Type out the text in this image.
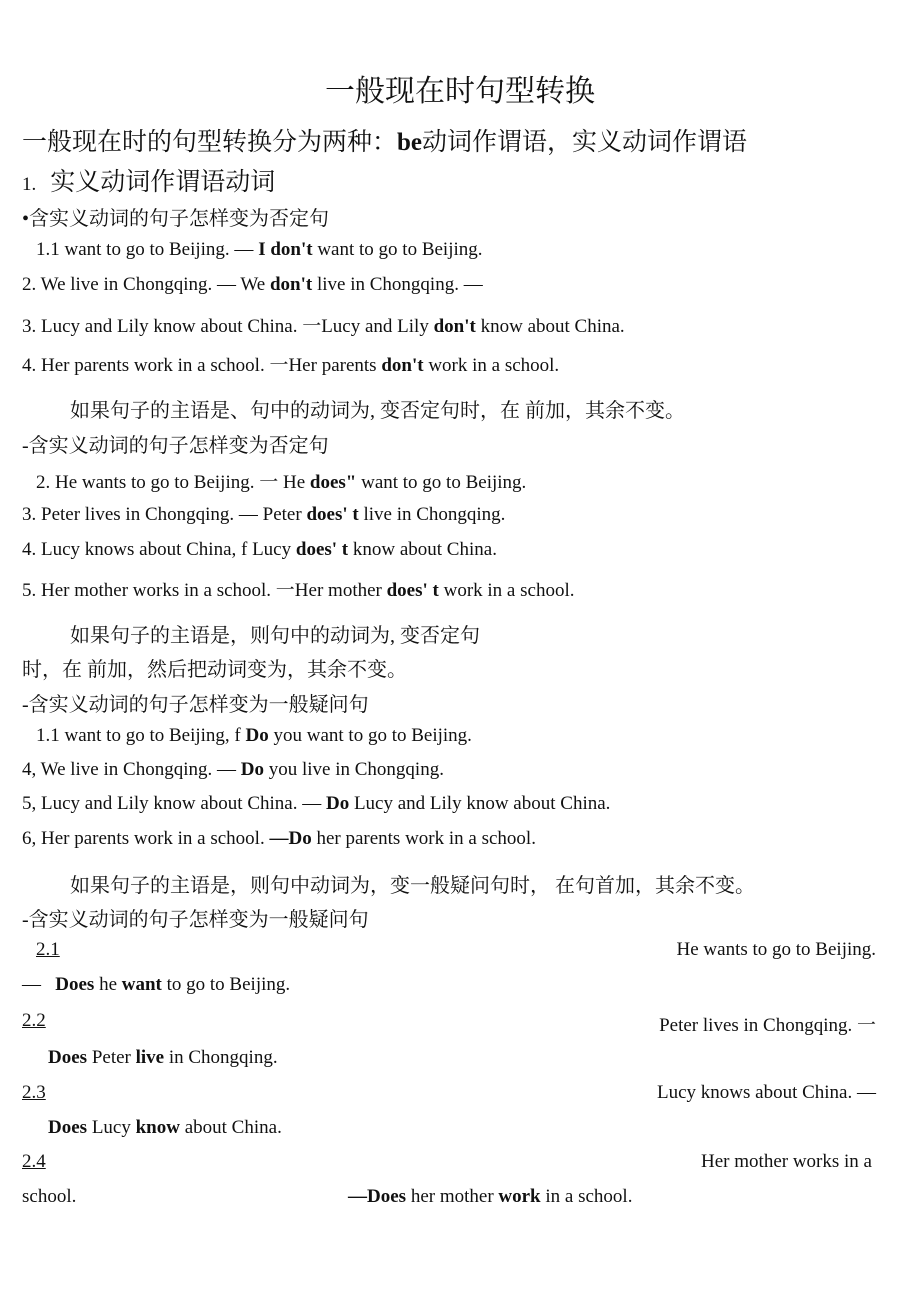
一般现在时句型转换
一般现在时的句型转换分为两种：be动词作谓语，实义动词作谓语
1. 实义动词作谓语动词
•含实义动词的句子怎样变为否定句
1.1 want to go to Beijing. — I don't want to go to Beijing.
2. We live in Chongqing. — We don't live in Chongqing. —
3. Lucy and Lily know about China. 一Lucy and Lily don't know about China.
4. Her parents work in a school. 一Her parents don't work in a school.
如果句子的主语是、句中的动词为, 变否定句时，在 前加，其余不变。
-含实义动词的句子怎样变为否定句
2. He wants to go to Beijing. 一 He does" want to go to Beijing.
3. Peter lives in Chongqing. — Peter does' t live in Chongqing.
4. Lucy knows about China, f Lucy does' t know about China.
5. Her mother works in a school. 一Her mother does' t work in a school.
如果句子的主语是，则句中的动词为, 变否定句
时，在 前加，然后把动词变为，其余不变。
-含实义动词的句子怎样变为一般疑问句
1.1 want to go to Beijing, f Do you want to go to Beijing.
4, We live in Chongqing. — Do you live in Chongqing.
5, Lucy and Lily know about China. — Do Lucy and Lily know about China.
6, Her parents work in a school. —Do her parents work in a school.
如果句子的主语是，则句中动词为，变一般疑问句时， 在句首加，其余不变。
-含实义动词的句子怎样变为一般疑问句
2.1	He wants to go to Beijing.
—   Does he want to go to Beijing.
2.2	Peter lives in Chongqing. 一
Does Peter live in Chongqing.
2.3	Lucy knows about China. —
Does Lucy know about China.
2.4	Her mother works in a
school.	—Does her mother work in a school.
